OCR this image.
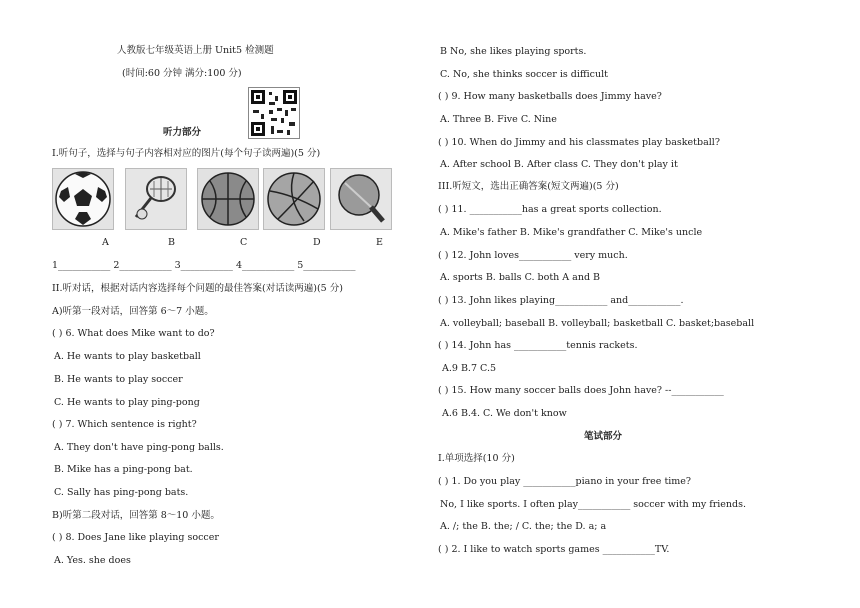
人教版七年级英语上册 Unit5 检测题
(时间:60 分钟 满分:100 分)
听力部分
I.听句子，选择与句子内容相对应的图片(每个句子读两遍)(5 分)
A	B	C	D	E
1___________ 2___________ 3___________ 4___________ 5___________
II.听对话，根据对话内容选择每个问题的最佳答案(对话读两遍)(5 分)
A)听第一段对话，回答第 6～7 小题。
( ) 6. What does Mike want to do?
A. He wants to play basketball
B. He wants to play soccer
C. He wants to play ping-pong
( ) 7. Which sentence is right?
A. They don't have ping-pong balls.
B. Mike has a ping-pong bat.
C. Sally has ping-pong bats.
B)听第二段对话，回答第 8～10 小题。
( ) 8. Does Jane like playing soccer
A. Yes. she does
B No, she likes playing sports.
C. No, she thinks soccer is difficult
( ) 9. How many basketballs does Jimmy have?
A. Three B. Five C. Nine
( ) 10. When do Jimmy and his classmates play basketball?
A. After school B. After class C. They don't play it
III.听短文，选出正确答案(短文两遍)(5 分)
( ) 11. ___________has a great sports collection.
A. Mike's father B. Mike's grandfather C. Mike's uncle
( ) 12. John loves___________ very much.
A. sports B. balls C. both A and B
( ) 13. John likes playing___________ and___________.
A. volleyball; baseball B. volleyball; basketball C. basket;baseball
( ) 14. John has ___________tennis rackets.
A.9 B.7 C.5
( ) 15. How many soccer balls does John have? --___________
A.6 B.4. C. We don't know
笔试部分
I.单项选择(10 分)
( ) 1. Do you play ___________piano in your free time?
No, I like sports. I often play___________ soccer with my friends.
A. /; the B. the; / C. the; the D. a; a
( ) 2. I like to watch sports games ___________TV.
